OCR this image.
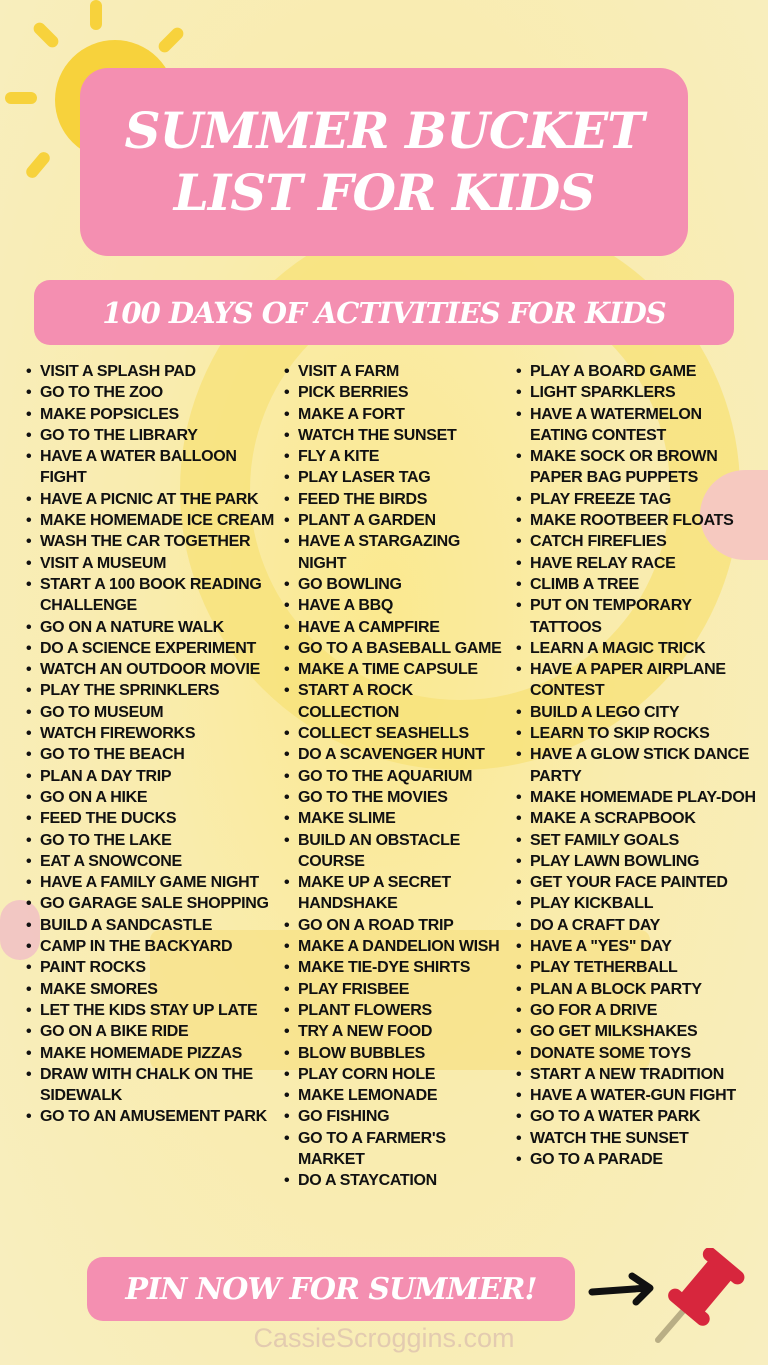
SUMMER BUCKET
LIST FOR KIDS
100 DAYS OF ACTIVITIES FOR KIDS
• VISIT A SPLASH PAD
• GO TO THE ZOO
• MAKE POPSICLES
• GO TO THE LIBRARY
• HAVE A WATER BALLOON FIGHT
• HAVE A PICNIC AT THE PARK
• MAKE HOMEMADE ICE CREAM
• WASH THE CAR TOGETHER
• VISIT A MUSEUM
• START A 100 BOOK READING CHALLENGE
• GO ON A NATURE WALK
• DO A SCIENCE EXPERIMENT
• WATCH AN OUTDOOR MOVIE
• PLAY THE SPRINKLERS
• GO TO MUSEUM
• WATCH FIREWORKS
• GO TO THE BEACH
• PLAN A DAY TRIP
• GO ON A HIKE
• FEED THE DUCKS
• GO TO THE LAKE
• EAT A SNOWCONE
• HAVE A FAMILY GAME NIGHT
• GO GARAGE SALE SHOPPING
• BUILD A SANDCASTLE
• CAMP IN THE BACKYARD
• PAINT ROCKS
• MAKE SMORES
• LET THE KIDS STAY UP LATE
• GO ON A BIKE RIDE
• MAKE HOMEMADE PIZZAS
• DRAW WITH CHALK ON THE SIDEWALK
• GO TO AN AMUSEMENT PARK
• VISIT A FARM
• PICK BERRIES
• MAKE A FORT
• WATCH THE SUNSET
• FLY A KITE
• PLAY LASER TAG
• FEED THE BIRDS
• PLANT A GARDEN
• HAVE A STARGAZING NIGHT
• GO BOWLING
• HAVE A BBQ
• HAVE A CAMPFIRE
• GO TO A BASEBALL GAME
• MAKE A TIME CAPSULE
• START A ROCK COLLECTION
• COLLECT SEASHELLS
• DO A SCAVENGER HUNT
• GO TO THE AQUARIUM
• GO TO THE MOVIES
• MAKE SLIME
• BUILD AN OBSTACLE COURSE
• MAKE UP A SECRET HANDSHAKE
• GO ON A ROAD TRIP
• MAKE A DANDELION WISH
• MAKE TIE-DYE SHIRTS
• PLAY FRISBEE
• PLANT FLOWERS
• TRY A NEW FOOD
• BLOW BUBBLES
• PLAY CORN HOLE
• MAKE LEMONADE
• GO FISHING
• GO TO A FARMER'S MARKET
• DO A STAYCATION
• PLAY A BOARD GAME
• LIGHT SPARKLERS
• HAVE A WATERMELON EATING CONTEST
• MAKE SOCK OR BROWN PAPER BAG PUPPETS
• PLAY FREEZE TAG
• MAKE ROOTBEER FLOATS
• CATCH FIREFLIES
• HAVE RELAY RACE
• CLIMB A TREE
• PUT ON TEMPORARY TATTOOS
• LEARN A MAGIC TRICK
• HAVE A PAPER AIRPLANE CONTEST
• BUILD A LEGO CITY
• LEARN TO SKIP ROCKS
• HAVE A GLOW STICK DANCE PARTY
• MAKE HOMEMADE PLAY-DOH
• MAKE A SCRAPBOOK
• SET FAMILY GOALS
• PLAY LAWN BOWLING
• GET YOUR FACE PAINTED
• PLAY KICKBALL
• DO A CRAFT DAY
• HAVE A "YES" DAY
• PLAY TETHERBALL
• PLAN A BLOCK PARTY
• GO FOR A DRIVE
• GO GET MILKSHAKES
• DONATE SOME TOYS
• START A NEW TRADITION
• HAVE A WATER-GUN FIGHT
• GO TO A WATER PARK
• WATCH THE SUNSET
• GO TO A PARADE
PIN NOW FOR SUMMER!
CassieScroggins.com
